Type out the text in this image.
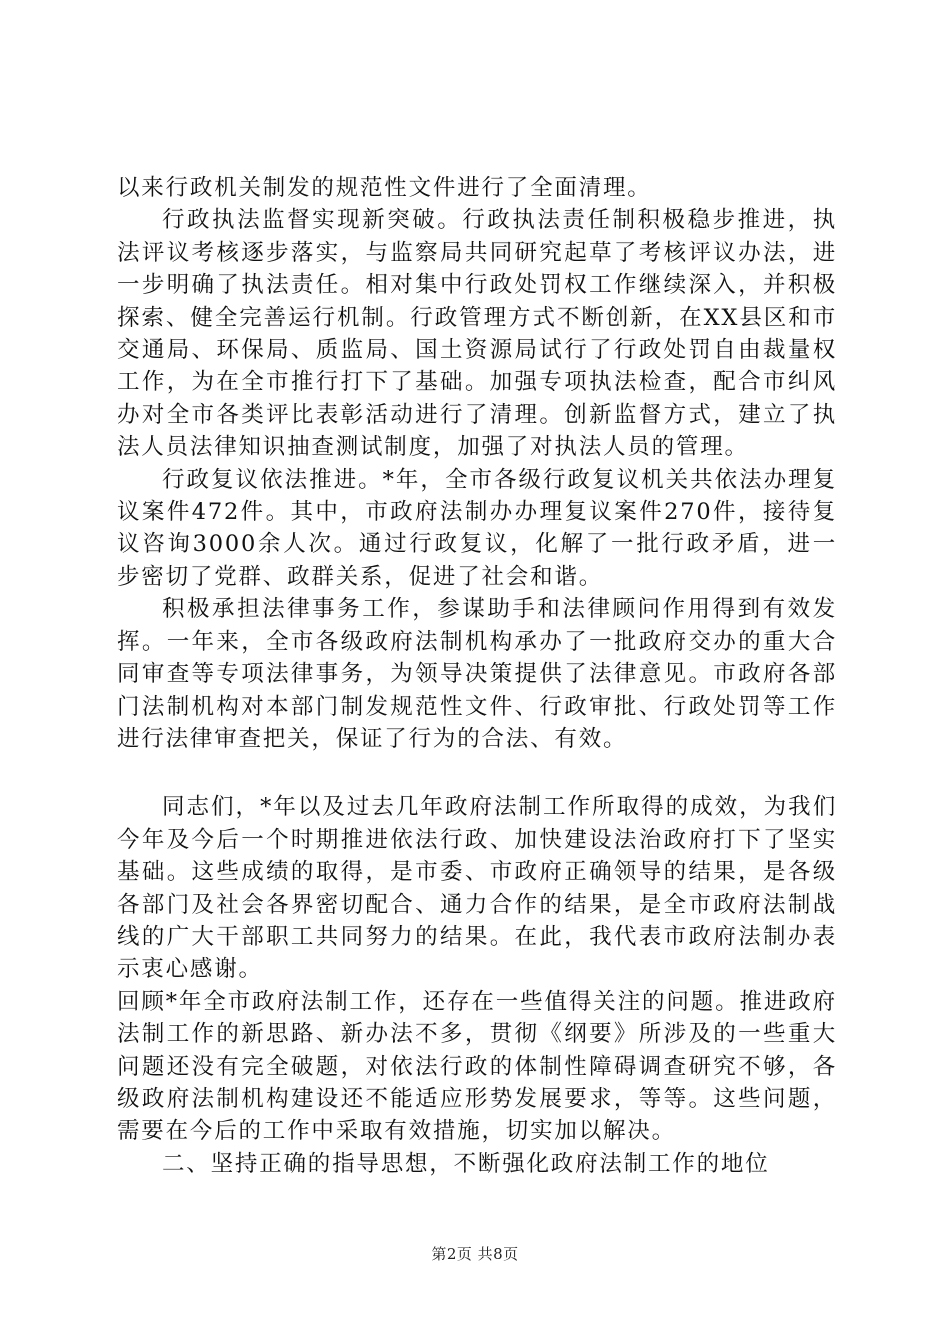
以来行政机关制发的规范性文件进行了全面清理。

行政执法监督实现新突破。行政执法责任制积极稳步推进，执法评议考核逐步落实，与监察局共同研究起草了考核评议办法，进一步明确了执法责任。相对集中行政处罚权工作继续深入，并积极探索、健全完善运行机制。行政管理方式不断创新，在XX县区和市交通局、环保局、质监局、国土资源局试行了行政处罚自由裁量权工作，为在全市推行打下了基础。加强专项执法检查，配合市纠风办对全市各类评比表彰活动进行了清理。创新监督方式，建立了执法人员法律知识抽查测试制度，加强了对执法人员的管理。

行政复议依法推进。*年，全市各级行政复议机关共依法办理复议案件472件。其中，市政府法制办办理复议案件270件，接待复议咨询3000余人次。通过行政复议，化解了一批行政矛盾，进一步密切了党群、政群关系，促进了社会和谐。

积极承担法律事务工作，参谋助手和法律顾问作用得到有效发挥。一年来，全市各级政府法制机构承办了一批政府交办的重大合同审查等专项法律事务，为领导决策提供了法律意见。市政府各部门法制机构对本部门制发规范性文件、行政审批、行政处罚等工作进行法律审查把关，保证了行为的合法、有效。

同志们，*年以及过去几年政府法制工作所取得的成效，为我们今年及今后一个时期推进依法行政、加快建设法治政府打下了坚实基础。这些成绩的取得，是市委、市政府正确领导的结果，是各级各部门及社会各界密切配合、通力合作的结果，是全市政府法制战线的广大干部职工共同努力的结果。在此，我代表市政府法制办表示衷心感谢。

回顾*年全市政府法制工作，还存在一些值得关注的问题。推进政府法制工作的新思路、新办法不多，贯彻《纲要》所涉及的一些重大问题还没有完全破题，对依法行政的体制性障碍调查研究不够，各级政府法制机构建设还不能适应形势发展要求，等等。这些问题，需要在今后的工作中采取有效措施，切实加以解决。

二、坚持正确的指导思想，不断强化政府法制工作的地位

第2页 共8页
